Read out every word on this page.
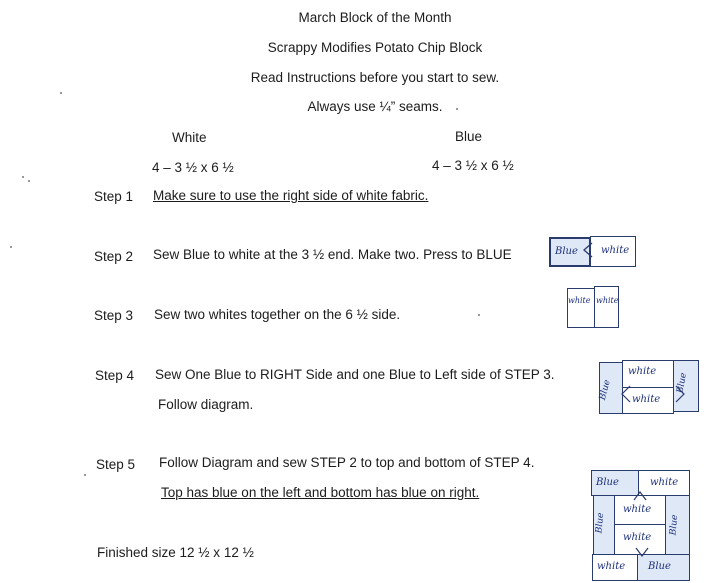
March Block of the Month
Scrappy Modifies Potato Chip Block
Read Instructions before you start to sew.
Always use ¼” seams.
White	Blue
4 – 3 ½ x 6 ½	4 – 3 ½ x 6 ½
Step 1 Make sure to use the right side of white fabric.
Step 2 Sew Blue to white at the 3 ½ end. Make two. Press to BLUE
Step 3 Sew two whites together on the 6 ½ side.
Step 4 Sew One Blue to RIGHT Side and one Blue to Left side of STEP 3.
Follow diagram.
Step 5 Follow Diagram and sew STEP 2 to top and bottom of STEP 4.
Top has blue on the left and bottom has blue on right.
Finished size 12 ½ x 12 ½
Blue white
white white
Blue
white
white
Blue
Blue	white
Blue
white
white
Blue
white Blue
